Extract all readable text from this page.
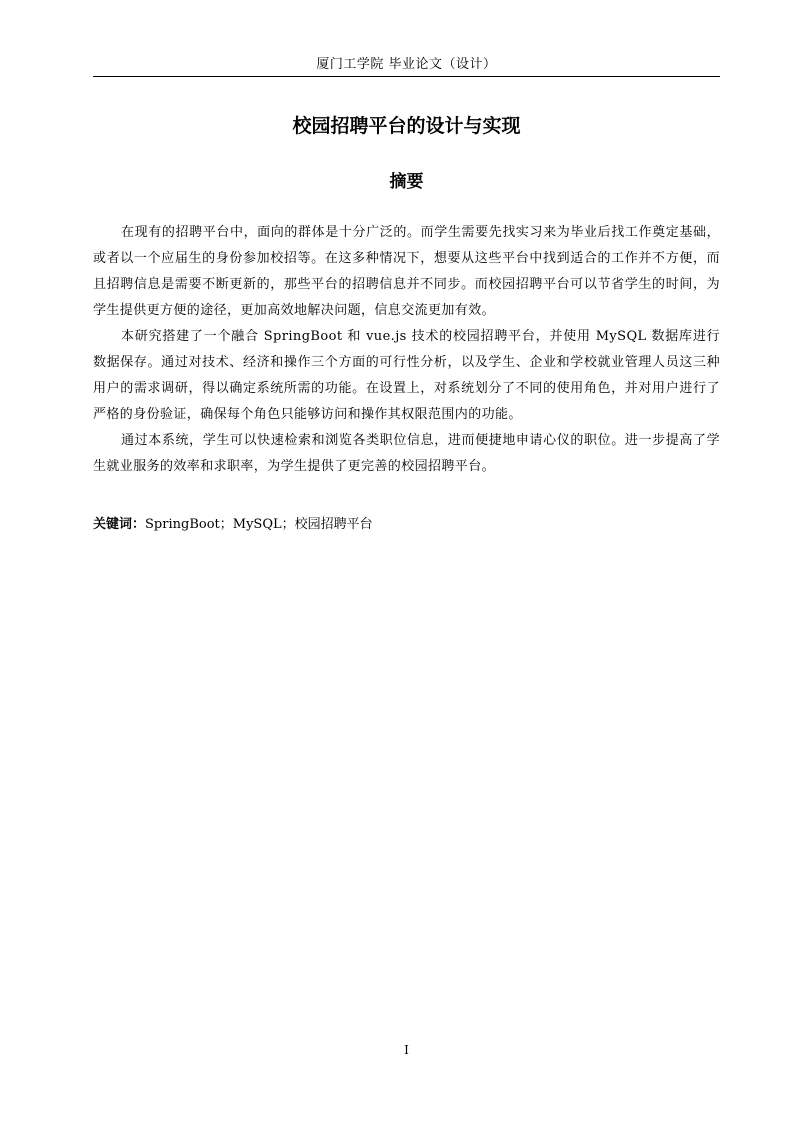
厦门工学院 毕业论文（设计）
校园招聘平台的设计与实现
摘要

在现有的招聘平台中，面向的群体是十分广泛的。而学生需要先找实习来为毕业后找工作奠定基础，或者以一个应届生的身份参加校招等。在这多种情况下，想要从这些平台中找到适合的工作并不方便，而且招聘信息是需要不断更新的，那些平台的招聘信息并不同步。而校园招聘平台可以节省学生的时间，为学生提供更方便的途径，更加高效地解决问题，信息交流更加有效。

本研究搭建了一个融合 SpringBoot 和 vue.js 技术的校园招聘平台，并使用 MySQL 数据库进行数据保存。通过对技术、经济和操作三个方面的可行性分析，以及学生、企业和学校就业管理人员这三种用户的需求调研，得以确定系统所需的功能。在设置上，对系统划分了不同的使用角色，并对用户进行了严格的身份验证，确保每个角色只能够访问和操作其权限范围内的功能。

通过本系统，学生可以快速检索和浏览各类职位信息，进而便捷地申请心仪的职位。进一步提高了学生就业服务的效率和求职率，为学生提供了更完善的校园招聘平台。

关键词：SpringBoot；MySQL；校园招聘平台
I
